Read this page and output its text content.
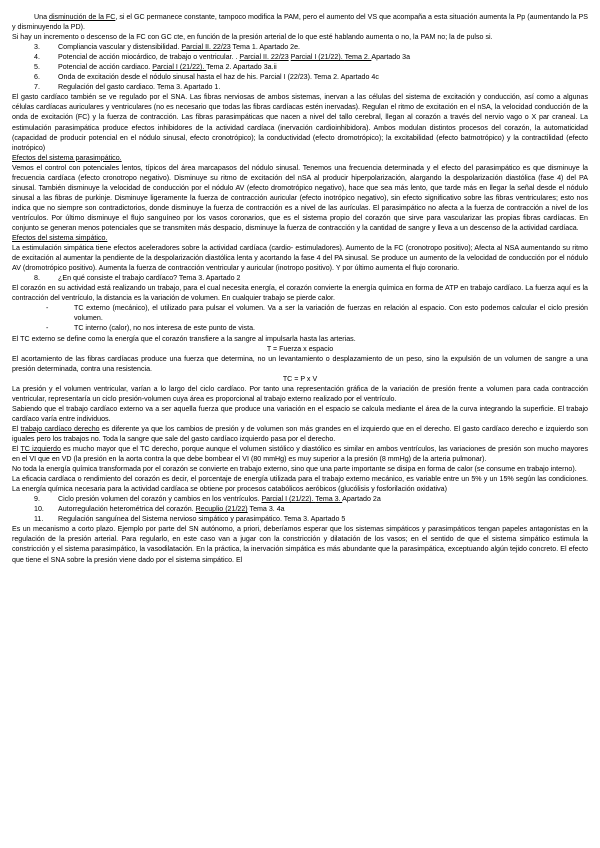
Una disminución de la FC, si el GC permanece constante, tampoco modifica la PAM, pero el aumento del VS que acompaña a esta situación aumenta la Pp (aumentando la PS y disminuyendo la PD).

Si hay un incremento o descenso de la FC con GC cte, en función de la presión arterial de lo que esté hablando aumenta o no, la PAM no; la de pulso si.

3.	Compliancia vascular y distensibilidad. Parcial II. 22/23 Tema 1. Apartado 2e.
4.	Potencial de acción miocárdico, de trabajo o ventricular. . Parcial II. 22/23 Parcial I (21/22). Tema 2. Apartado 3a
5.	Potencial de acción cardiaco. Parcial I (21/22). Tema 2. Apartado 3a.ii
6.	Onda de excitación desde el nódulo sinusal hasta el haz de his. Parcial I (22/23). Tema 2. Apartado 4c
7.	Regulación del gasto cardiaco. Tema 3. Apartado 1.

El gasto cardíaco también se ve regulado por el SNA. Las fibras nerviosas de ambos sistemas, inervan a las células del sistema de excitación y conducción, así como a algunas células cardíacas auriculares y ventriculares (no es necesario que todas las fibras cardíacas estén inervadas). Regulan el ritmo de excitación en el nSA, la velocidad conducción de la onda de excitación (FC) y la fuerza de contracción. Las fibras parasimpáticas que nacen a nivel del tallo cerebral, llegan al corazón a través del nervio vago o X par craneal. La estimulación parasimpática produce efectos inhibidores de la actividad cardíaca (inervación cardioinhibidora). Ambos modulan distintos procesos del corazón, la automaticidad (capacidad de producir potencial en el nódulo sinusal, efecto cronotrópico); la conductividad (efecto dromotrópico); la excitabilidad (efecto batmotrópico) y la contractilidad (efecto inotrópico)

Efectos del sistema parasimpático.

Vemos el control con potenciales lentos, típicos del área marcapasos del nódulo sinusal. Tenemos una frecuencia determinada y el efecto del parasimpático es que disminuye la frecuencia cardíaca (efecto cronotropo negativo). Disminuye su ritmo de excitación del nSA al producir hiperpolarización, alargando la despolarización diastólica (fase 4) del PA sinusal. También disminuye la velocidad de conducción por el nódulo AV (efecto dromotrópico negativo), hace que sea más lento, que tarde más en llegar la señal desde el nódulo sinusal a las fibras de purkinje. Disminuye ligeramente la fuerza de contracción auricular (efecto inotrópico negativo), sin efecto significativo sobre las fibras ventriculares; esto nos indica que no siempre son contradictorios, donde disminuye la fuerza de contracción es a nivel de las aurículas. El parasimpático no afecta a la fuerza de contracción a nivel de los ventrículos. Por último disminuye el flujo sanguíneo por los vasos coronarios, que es el sistema propio del corazón que sirve para vascularizar las propias fibras cardíacas. En conjunto se generan menos potenciales que se transmiten más despacio, disminuye la fuerza de contracción y la cantidad de sangre y lleva a un descenso de la actividad cardíaca.

Efectos del sistema simpático.

La estimulación simpática tiene efectos aceleradores sobre la actividad cardíaca (cardio- estimuladores). Aumento de la FC (cronotropo positivo); Afecta al NSA aumentando su ritmo de excitación al aumentar la pendiente de la despolarización diastólica lenta y acortando la fase 4 del PA sinusal. Se produce un aumento de la velocidad de conducción por el nódulo AV (dromotrópico positivo). Aumenta la fuerza de contracción ventricular y auricular (inotropo positivo). Y por último aumenta el flujo coronario.

8.	¿En qué consiste el trabajo cardíaco? Tema 3. Apartado 2

El corazón en su actividad está realizando un trabajo, para el cual necesita energía, el corazón convierte la energía química en forma de ATP en trabajo cardíaco. La fuerza aquí es la contracción del ventrículo, la distancia es la variación de volumen. En cualquier trabajo se pierde calor.

-	TC externo (mecánico), el utilizado para pulsar el volumen. Va a ser la variación de fuerzas en relación al espacio. Con esto podemos calcular el ciclo presión volumen.
-	TC interno (calor), no nos interesa de este punto de vista.

El TC externo se define como la energía que el corazón transfiere a la sangre al impulsarla hasta las arterias.

T = Fuerza x espacio

El acortamiento de las fibras cardíacas produce una fuerza que determina, no un levantamiento o desplazamiento de un peso, sino la expulsión de un volumen de sangre a una presión determinada, contra una resistencia.

TC = P x V

La presión y el volumen ventricular, varían a lo largo del ciclo cardíaco. Por tanto una representación gráfica de la variación de presión frente a volumen para cada contracción ventricular, representaría un ciclo presión-volumen cuya área es proporcional al trabajo externo realizado por el ventrículo.

Sabiendo que el trabajo cardíaco externo va a ser aquella fuerza que produce una variación en el espacio se calcula mediante el área de la curva integrando la superficie. El trabajo cardíaco varía entre individuos.

El trabajo cardíaco derecho es diferente ya que los cambios de presión y de volumen son más grandes en el izquierdo que en el derecho. El gasto cardíaco derecho e izquierdo son iguales pero los trabajos no. Toda la sangre que sale del gasto cardíaco izquierdo pasa por el derecho.

El TC izquierdo es mucho mayor que el TC derecho, porque aunque el volumen sistólico y diastólico es similar en ambos ventrículos, las variaciones de presión son mucho mayores en el VI que en VD (la presión en la aorta contra la que debe bombear el VI (80 mmHg) es muy superior a la presión (8 mmHg) de la arteria pulmonar).

No toda la energía química transformada por el corazón se convierte en trabajo externo, sino que una parte importante se disipa en forma de calor (se consume en trabajo interno).

La eficacia cardíaca o rendimiento del corazón es decir, el porcentaje de energía utilizada para el trabajo externo mecánico, es variable entre un 5% y un 15% según las condiciones. La energía química necesaria para la actividad cardíaca se obtiene por procesos catabólicos aeróbicos (glucólisis y fosforilación oxidativa)

9.	Ciclo presión volumen del corazón y cambios en los ventrículos. Parcial I (21/22). Tema 3. Apartado 2a
10.	Autorregulación heterométrica del corazón. Recuplio (21/22) Tema 3. 4a
11.	Regulación sanguínea del Sistema nervioso simpático y parasimpático. Tema 3. Apartado 5

Es un mecanismo a corto plazo. Ejemplo por parte del SN autónomo, a priori, deberíamos esperar que los sistemas simpáticos y parasimpáticos tengan papeles antagonistas en la regulación de la presión arterial. Para regularlo, en este caso van a jugar con la constricción y dilatación de los vasos; en el sentido de que el sistema simpático estimula la constricción y el sistema parasimpático, la vasodilatación. En la práctica, la inervación simpática es más abundante que la parasimpática, exceptuando algún tejido concreto. El efecto que tiene el SNA sobre la presión viene dado por el sistema simpático. El
